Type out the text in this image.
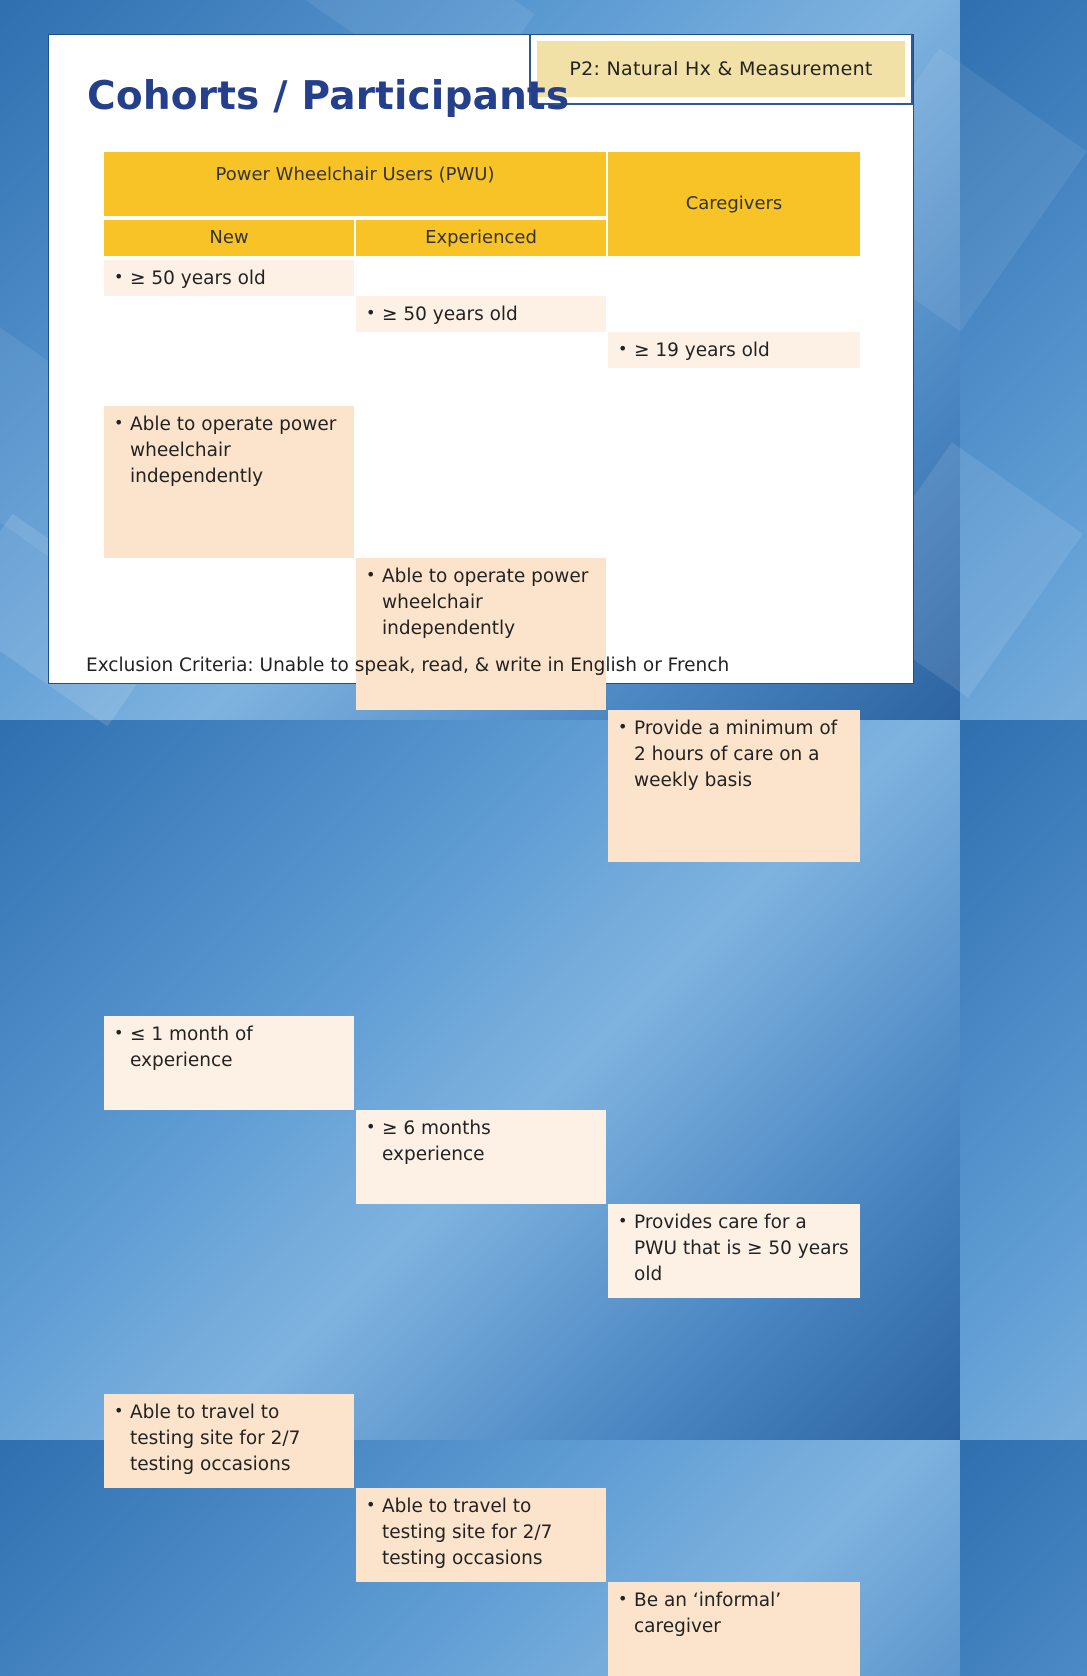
P2: Natural Hx & Measurement
Cohorts / Participants
Power Wheelchair Users (PWU)
Caregivers
New	Experienced
• ≥ 50 years old
• ≥ 50 years old
• ≥ 19 years old
• Able to operate power wheelchair independently
• Able to operate power wheelchair independently
• Provide a minimum of 2 hours of care on a weekly basis
• ≤ 1 month of experience
• ≥ 6 months experience
• Provides care for a PWU that is ≥ 50 years old
• Able to travel to testing site for 2/7 testing occasions
• Able to travel to testing site for 2/7 testing occasions
• Be an ‘informal’ caregiver
Exclusion Criteria: Unable to speak, read, & write in English or French
